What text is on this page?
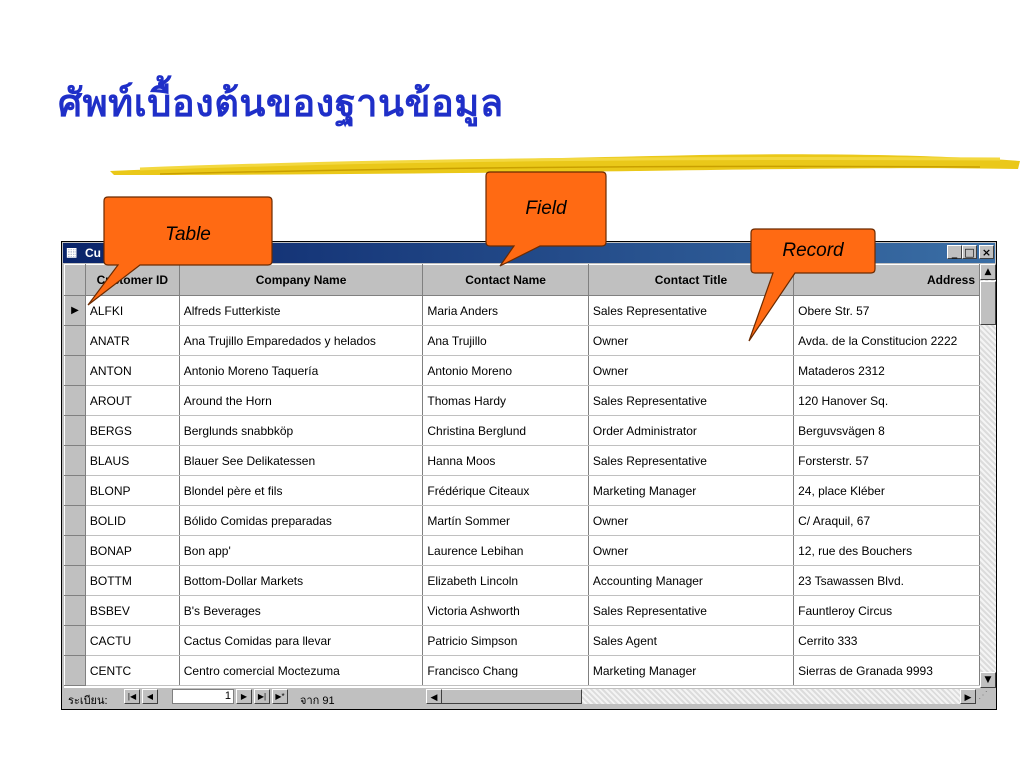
ศัพท์เบื้องต้นของฐานข้อมูล
▦ Cu	_ □ ×
	Customer ID	Company Name	Contact Name	Contact Title	Address
▶	ALFKI	Alfreds Futterkiste	Maria Anders	Sales Representative	Obere Str. 57
	ANATR	Ana Trujillo Emparedados y helados	Ana Trujillo	Owner	Avda. de la Constitucion 2222
	ANTON	Antonio Moreno Taquería	Antonio Moreno	Owner	Mataderos 2312
	AROUT	Around the Horn	Thomas Hardy	Sales Representative	120 Hanover Sq.
	BERGS	Berglunds snabbköp	Christina Berglund	Order Administrator	Berguvsvägen 8
	BLAUS	Blauer See Delikatessen	Hanna Moos	Sales Representative	Forsterstr. 57
	BLONP	Blondel père et fils	Frédérique Citeaux	Marketing Manager	24, place Kléber
	BOLID	Bólido Comidas preparadas	Martín Sommer	Owner	C/ Araquil, 67
	BONAP	Bon app'	Laurence Lebihan	Owner	12, rue des Bouchers
	BOTTM	Bottom-Dollar Markets	Elizabeth Lincoln	Accounting Manager	23 Tsawassen Blvd.
	BSBEV	B's Beverages	Victoria Ashworth	Sales Representative	Fauntleroy Circus
	CACTU	Cactus Comidas para llevar	Patricio Simpson	Sales Agent	Cerrito 333
	CENTC	Centro comercial Moctezuma	Francisco Chang	Marketing Manager	Sierras de Granada 9993
▲
▼
ระเบียน:	|◀	◀	1	▶	▶|	▶*	จาก 91	◀	▶ ⋰
Table
Field
Record
